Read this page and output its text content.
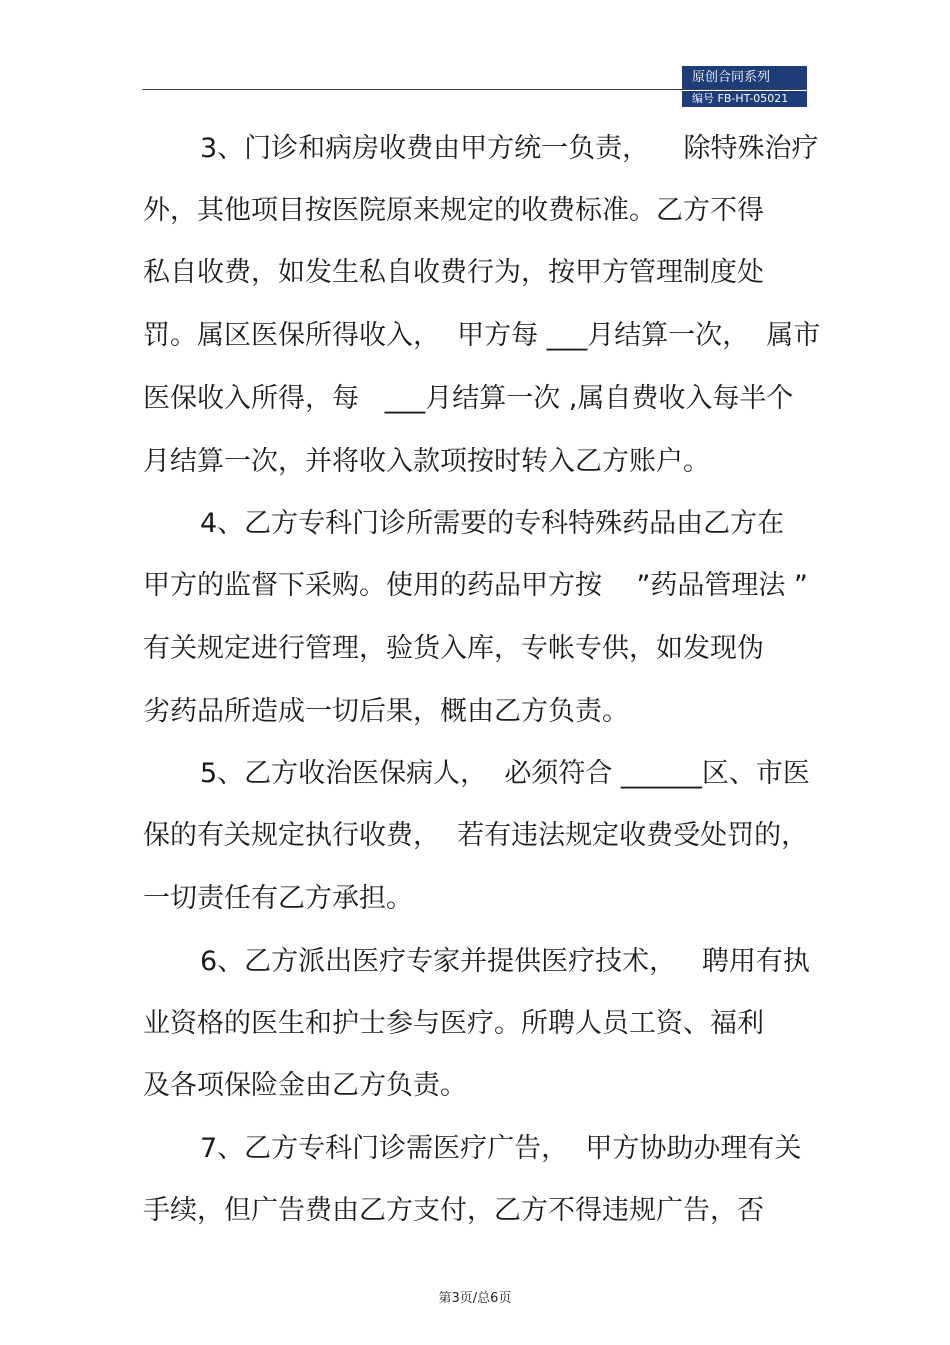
原创合同系列
编号 FB-HT-05021
3、门诊和病房收费由甲方统一负责，    除特殊治疗
外，其他项目按医院原来规定的收费标准。乙方不得
私自收费，如发生私自收费行为，按甲方管理制度处
罚。属区医保所得收入，  甲方每 ___月结算一次，  属市
医保收入所得，每   ___月结算一次 ,属自费收入每半个
月结算一次，并将收入款项按时转入乙方账户。
4、乙方专科门诊所需要的专科特殊药品由乙方在
甲方的监督下采购。使用的药品甲方按    ”药品管理法 ”
有关规定进行管理，验货入库，专帐专供，如发现伪
劣药品所造成一切后果，概由乙方负责。
5、乙方收治医保病人，  必须符合 ______区、市医
保的有关规定执行收费，  若有违法规定收费受处罚的，
一切责任有乙方承担。
6、乙方派出医疗专家并提供医疗技术，   聘用有执
业资格的医生和护士参与医疗。所聘人员工资、福利
及各项保险金由乙方负责。
7、乙方专科门诊需医疗广告，  甲方协助办理有关
手续，但广告费由乙方支付，乙方不得违规广告，否
第3页/总6页
